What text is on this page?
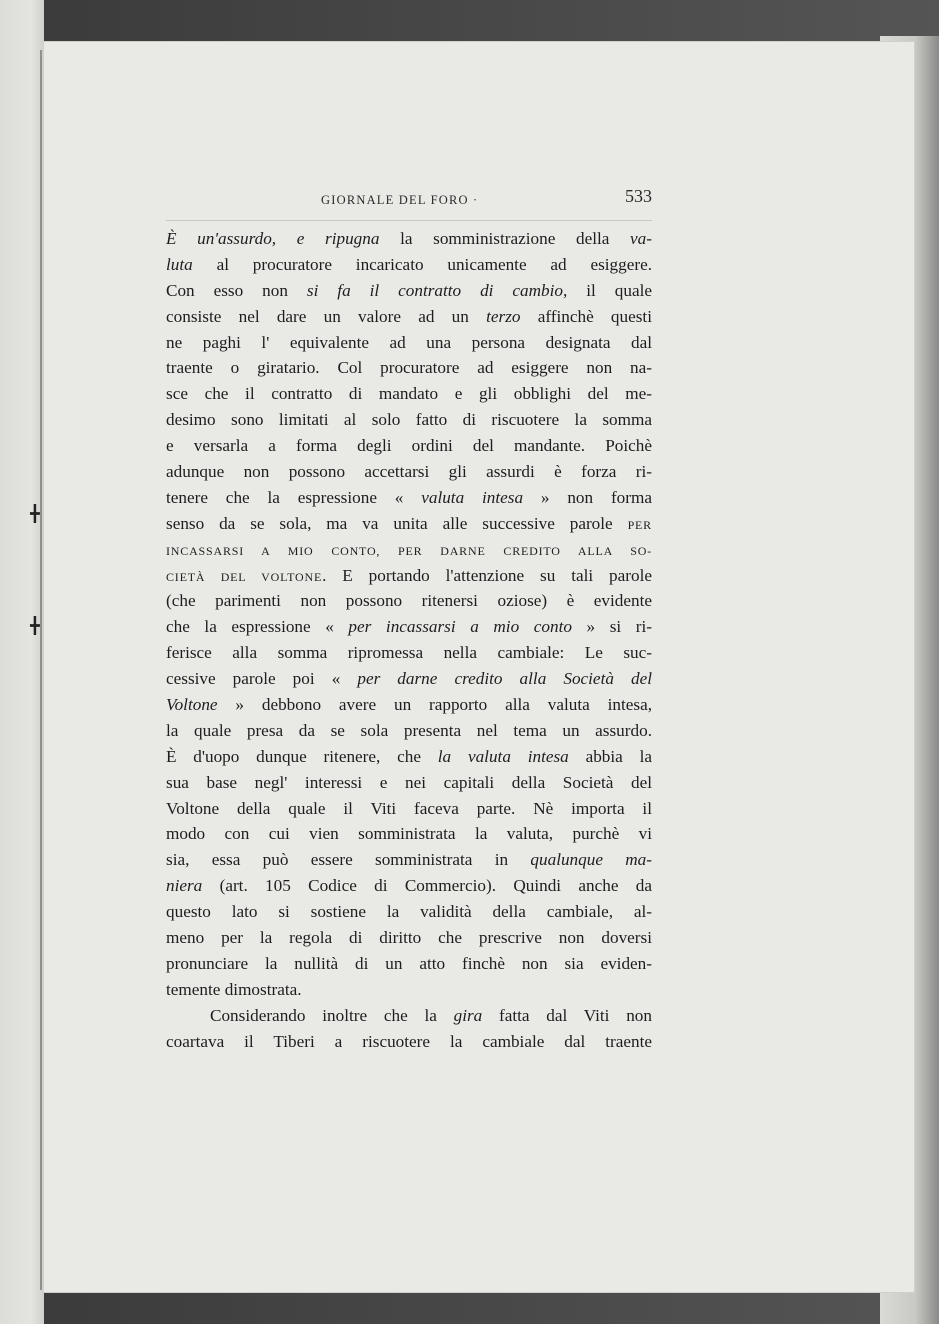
╋
╋
GIORNALE DEL FORO ·	533
È un'assurdo, e ripugna la somministrazione della va-
luta al procuratore incaricato unicamente ad esiggere.
Con esso non si fa il contratto di cambio, il quale
consiste nel dare un valore ad un terzo affinchè questi
ne paghi l' equivalente ad una persona designata dal
traente o giratario. Col procuratore ad esiggere non na-
sce che il contratto di mandato e gli obblighi del me-
desimo sono limitati al solo fatto di riscuotere la somma
e versarla a forma degli ordini del mandante. Poichè
adunque non possono accettarsi gli assurdi è forza ri-
tenere che la espressione « valuta intesa » non forma
senso da se sola, ma va unita alle successive parole PER
INCASSARSI A MIO CONTO, PER DARNE CREDITO ALLA SO-
CIETÀ DEL VOLTONE. E portando l'attenzione su tali parole
(che parimenti non possono ritenersi oziose) è evidente
che la espressione « per incassarsi a mio conto » si ri-
ferisce alla somma ripromessa nella cambiale: Le suc-
cessive parole poi « per darne credito alla Società del
Voltone » debbono avere un rapporto alla valuta intesa,
la quale presa da se sola presenta nel tema un assurdo.
È d'uopo dunque ritenere, che la valuta intesa abbia la
sua base negl' interessi e nei capitali della Società del
Voltone della quale il Viti faceva parte. Nè importa il
modo con cui vien somministrata la valuta, purchè vi
sia, essa può essere somministrata in qualunque ma-
niera (art. 105 Codice di Commercio). Quindi anche da
questo lato si sostiene la validità della cambiale, al-
meno per la regola di diritto che prescrive non doversi
pronunciare la nullità di un atto finchè non sia eviden-
temente dimostrata.
Considerando inoltre che la gira fatta dal Viti non
coartava il Tiberi a riscuotere la cambiale dal traente
